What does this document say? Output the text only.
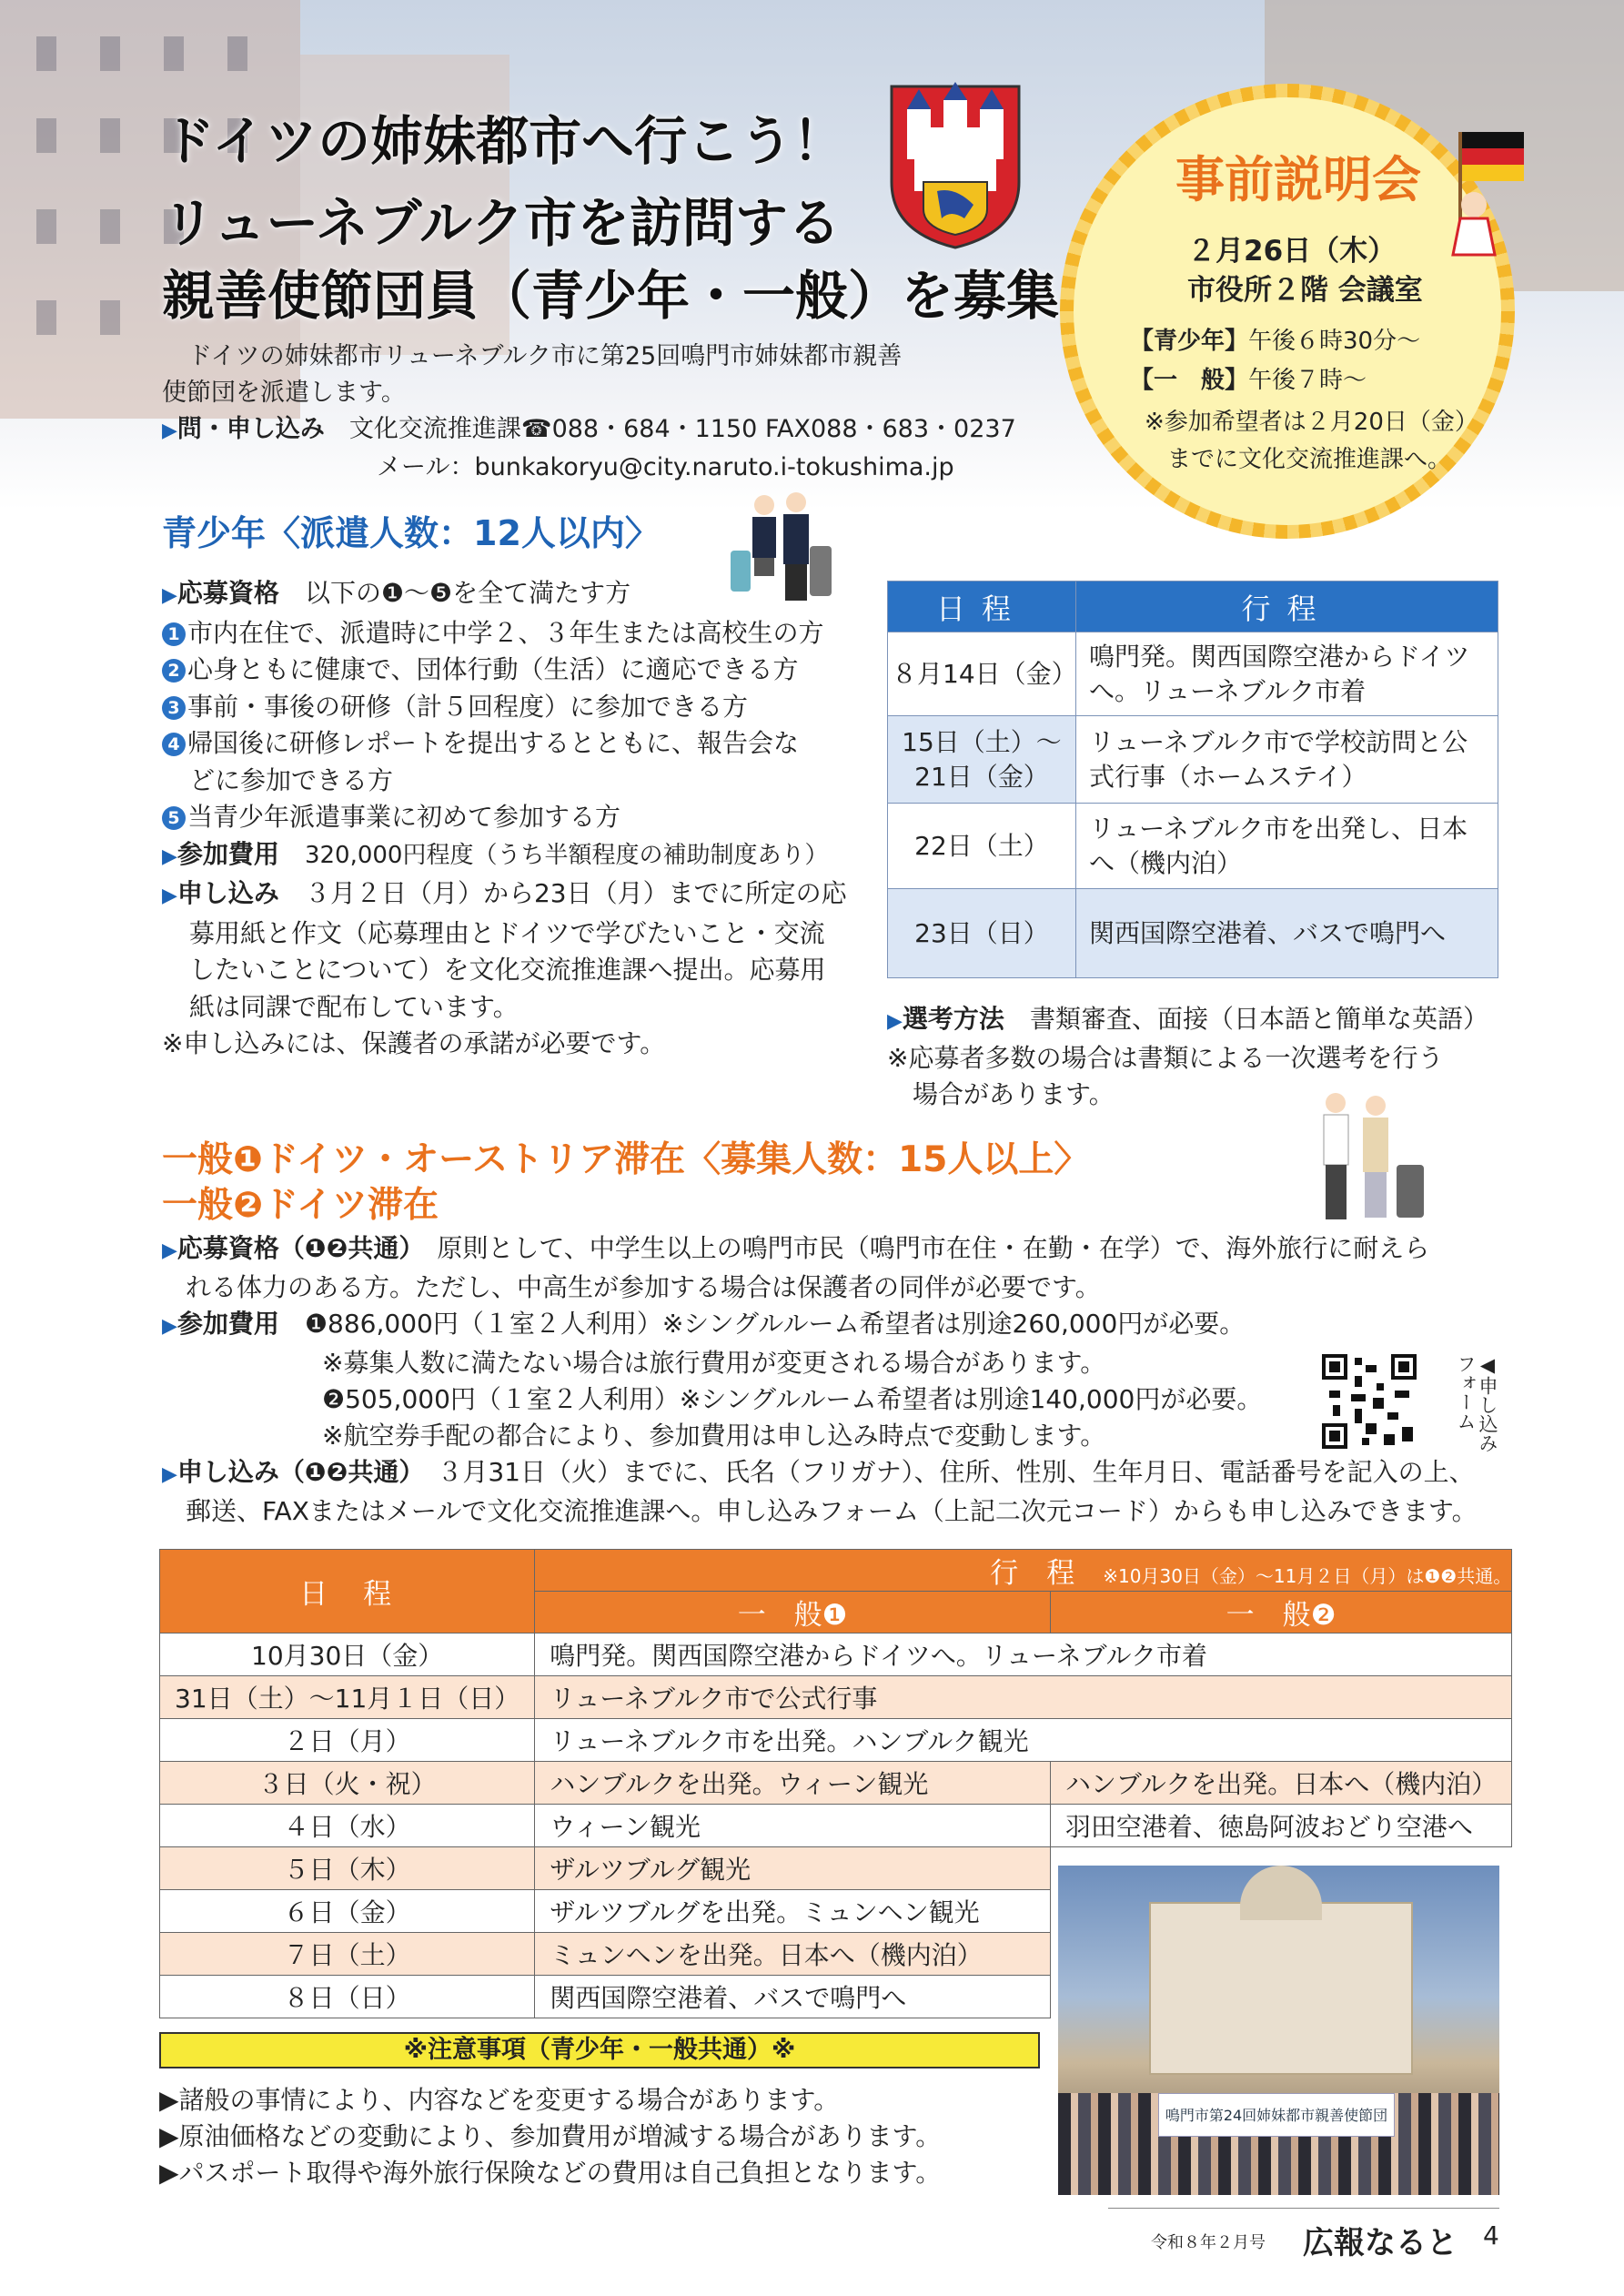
ドイツの姉妹都市へ行こう！
リューネブルク市を訪問する
親善使節団員（青少年・一般）を募集
ドイツの姉妹都市リューネブルク市に第25回鳴門市姉妹都市親善
使節団を派遣します。
▶問・申し込み　 文化交流推進課☎088・684・1150 FAX088・683・0237
メール：bunkakoryu@city.naruto.i-tokushima.jp
事前説明会
２月26日（木）
市役所２階 会議室
【青少年】午後６時30分～
【一　般】午後７時～
※参加希望者は２月20日（金）
までに文化交流推進課へ。
青少年〈派遣人数：12人以内〉
▶応募資格　 以下の❶～❺を全て満たす方
1 市内在住で、派遣時に中学２、３年生または高校生の方
2 心身ともに健康で、団体行動（生活）に適応できる方
3 事前・事後の研修（計５回程度）に参加できる方
4 帰国後に研修レポートを提出するとともに、報告会な
どに参加できる方
5 当青少年派遣事業に初めて参加する方
▶参加費用　 320,000円程度（うち半額程度の補助制度あり）
▶申し込み　 ３月２日（月）から23日（月）までに所定の応
募用紙と作文（応募理由とドイツで学びたいこと・交流
したいことについて）を文化交流推進課へ提出。応募用
紙は同課で配布しています。
※申し込みには、保護者の承諾が必要です。
日程	行程
８月14日（金）	鳴門発。関西国際空港からドイツへ。リューネブルク市着
15日（土）～21日（金）	リューネブルク市で学校訪問と公式行事（ホームステイ）
22日（土）	リューネブルク市を出発し、日本へ（機内泊）
23日（日）	関西国際空港着、バスで鳴門へ
▶選考方法　 書類審査、面接（日本語と簡単な英語）
※応募者多数の場合は書類による一次選考を行う
場合があります。
一般❶ドイツ・オーストリア滞在〈募集人数：15人以上〉
一般❷ドイツ滞在
▶応募資格（❶❷共通）　 原則として、中学生以上の鳴門市民（鳴門市在住・在勤・在学）で、海外旅行に耐えら
れる体力のある方。ただし、中高生が参加する場合は保護者の同伴が必要です。
▶参加費用　 ❶886,000円（１室２人利用）※シングルルーム希望者は別途260,000円が必要。
※募集人数に満たない場合は旅行費用が変更される場合があります。
❷505,000円（１室２人利用）※シングルルーム希望者は別途140,000円が必要。
※航空券手配の都合により、参加費用は申し込み時点で変動します。
▶申し込み（❶❷共通）　 ３月31日（火）までに、氏名（フリガナ）、住所、性別、生年月日、電話番号を記入の上、
郵送、FAXまたはメールで文化交流推進課へ。申し込みフォーム（上記二次元コード）からも申し込みできます。
◀申し込みフォーム
日　程	行　程　 ※10月30日（金）～11月２日（月）は❶❷共通。	
	一　般❶	一　般❷
10月30日（金）	鳴門発。関西国際空港からドイツへ。リューネブルク市着	
31日（土）～11月１日（日）	リューネブルク市で公式行事	
２日（月）	リューネブルク市を出発。ハンブルク観光	
３日（火・祝）	ハンブルクを出発。ウィーン観光	ハンブルクを出発。日本へ（機内泊）
４日（水）	ウィーン観光	羽田空港着、徳島阿波おどり空港へ
５日（木）	ザルツブルグ観光	
６日（金）	ザルツブルグを出発。ミュンヘン観光	
７日（土）	ミュンヘンを出発。日本へ（機内泊）	
８日（日）	関西国際空港着、バスで鳴門へ	
鳴門市第24回姉妹都市親善使節団
※注意事項（青少年・一般共通）※
▶諸般の事情により、内容などを変更する場合があります。
▶原油価格などの変動により、参加費用が増減する場合があります。
▶パスポート取得や海外旅行保険などの費用は自己負担となります。
令和８年２月号 広報なると 4
